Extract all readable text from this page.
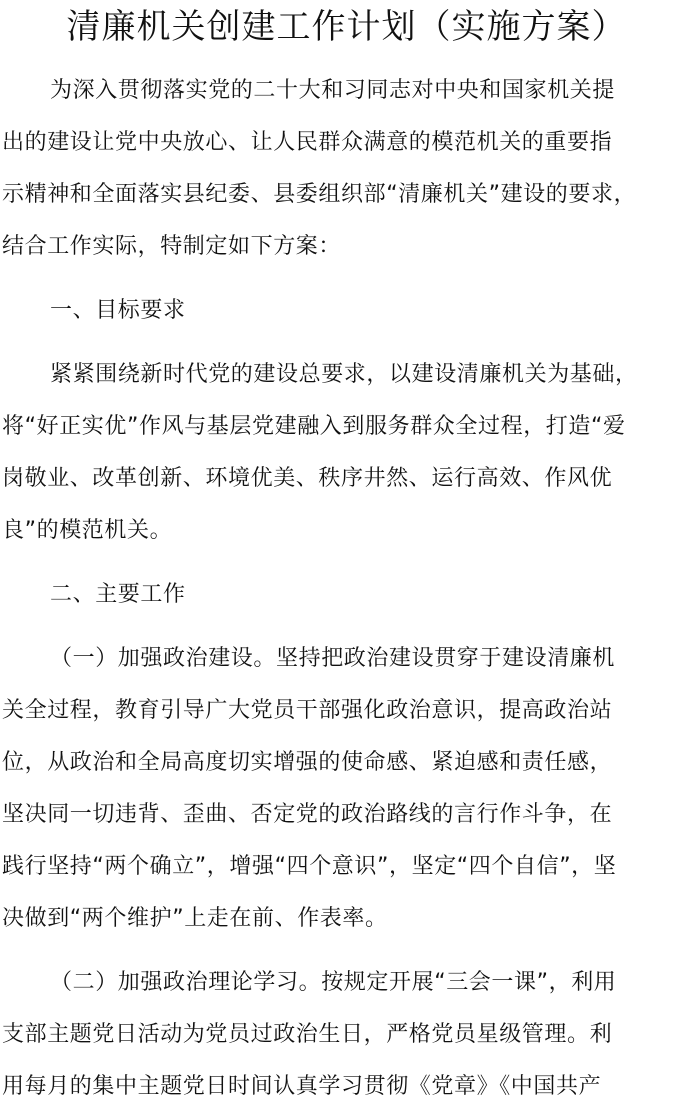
清廉机关创建工作计划（实施方案）
为深入贯彻落实党的二十大和习同志对中央和国家机关提
出的建设让党中央放心、让人民群众满意的模范机关的重要指
示精神和全面落实县纪委、县委组织部“清廉机关”建设的要求，
结合工作实际，特制定如下方案：
一、目标要求
紧紧围绕新时代党的建设总要求，以建设清廉机关为基础，
将“好正实优”作风与基层党建融入到服务群众全过程，打造“爱
岗敬业、改革创新、环境优美、秩序井然、运行高效、作风优
良”的模范机关。
二、主要工作
（一）加强政治建设。坚持把政治建设贯穿于建设清廉机
关全过程，教育引导广大党员干部强化政治意识，提高政治站
位，从政治和全局高度切实增强的使命感、紧迫感和责任感，
坚决同一切违背、歪曲、否定党的政治路线的言行作斗争，在
践行坚持“两个确立”，增强“四个意识”，坚定“四个自信”，坚
决做到“两个维护”上走在前、作表率。
（二）加强政治理论学习。按规定开展“三会一课”，利用
支部主题党日活动为党员过政治生日，严格党员星级管理。利
用每月的集中主题党日时间认真学习贯彻《党章》《中国共产
